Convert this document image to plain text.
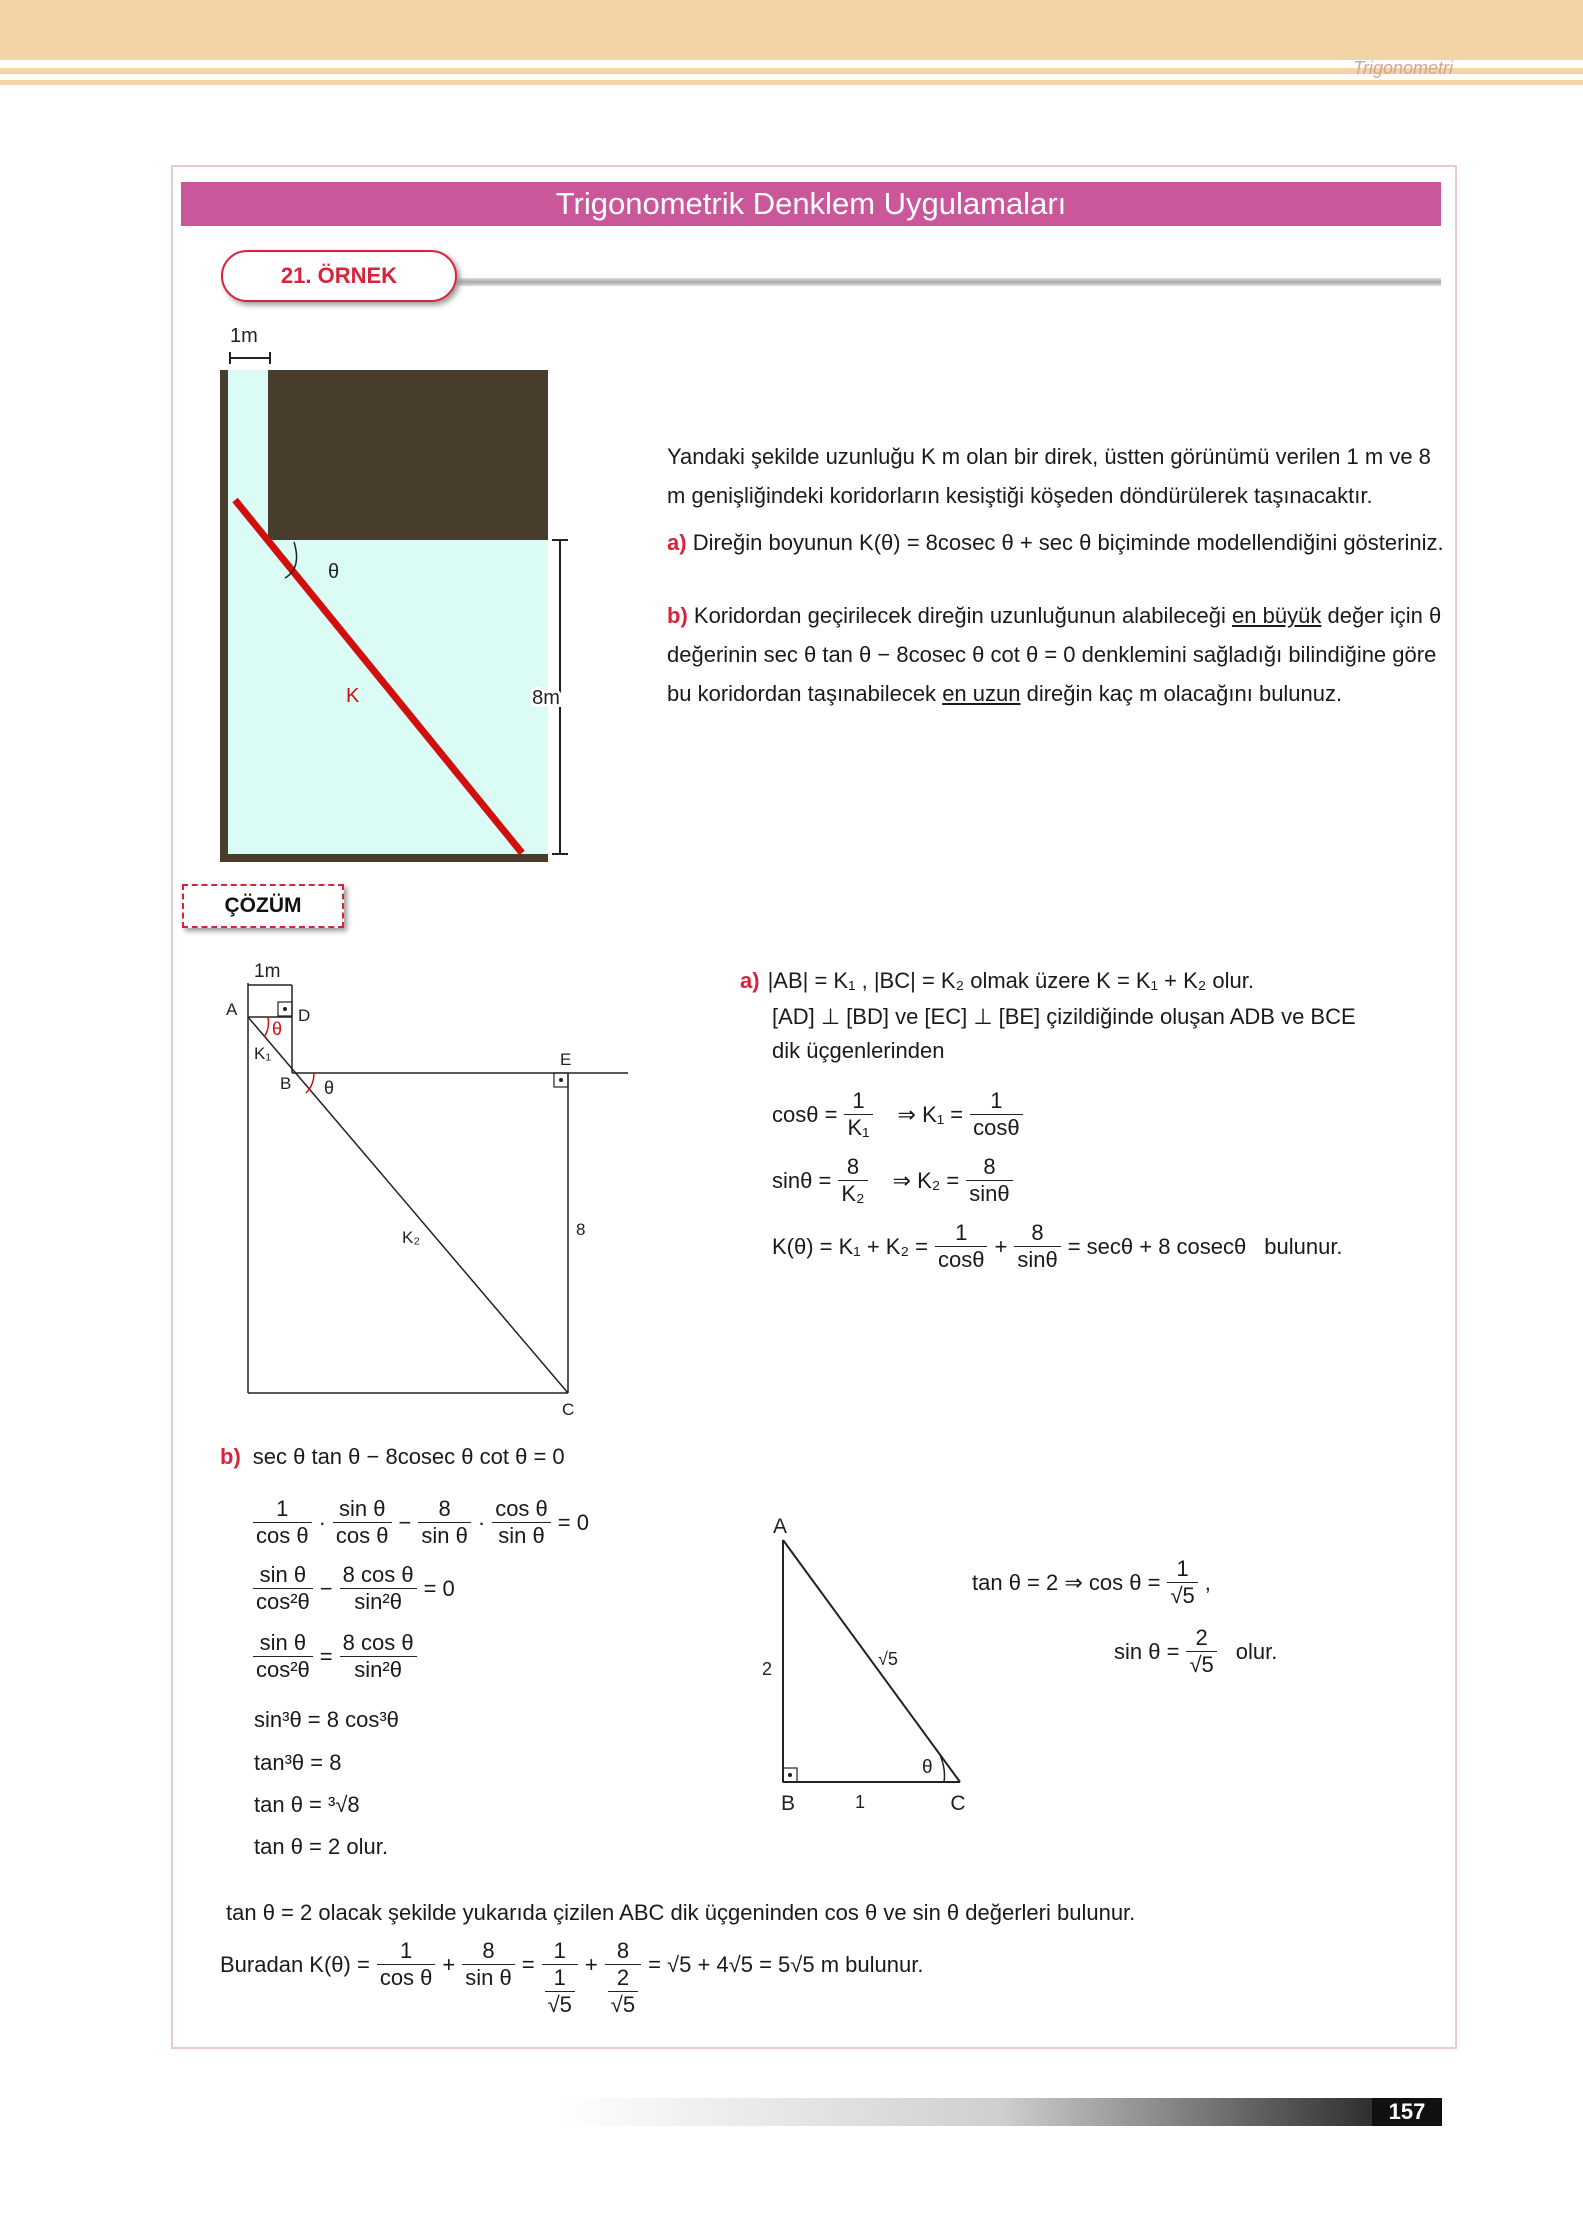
Trigonometri
Trigonometrik Denklem Uygulamaları
21. ÖRNEK
1m
θ
K	8m
Yandaki şekilde uzunluğu K m olan bir direk, üstten görünümü verilen 1 m ve 8 m genişliğindeki koridorların kesiştiği köşeden döndürülerek taşınacaktır.
a) Direğin boyunun K(θ) = 8cosec θ + sec θ biçiminde modellendiğini gösteriniz.
b) Koridordan geçirilecek direğin uzunluğunun alabileceği en büyük değer için θ değerinin sec θ tan θ − 8cosec θ cot θ = 0 denklemini sağladığı bilindiğine göre bu koridordan taşınabilecek en uzun direğin kaç m olacağını bulunuz.
ÇÖZÜM
1m
A	D
θ
K₁
B θ
E
8
K₂
C
a) |AB| = K₁ , |BC| = K₂ olmak üzere K = K₁ + K₂ olur.
[AD] ⊥ [BD] ve [EC] ⊥ [BE] çizildiğinde oluşan ADB ve BCE
dik üçgenlerinden
$\cos\theta = \frac{1}{\text{K₁}}$ ⇒ $K_1 = \frac{1}{\cos\theta}$
$\sin\theta = \frac{8}{\text{K₂}}$ ⇒ $K_2 = \frac{8}{\sin\theta}$
$K(\theta) = K_1 + K_2 = \frac{1}{\cos\theta} + \frac{8}{\sin\theta} = \sec\theta + 8$ cosecθ bulunur.
b) sec θ tan θ − 8cosec θ cot θ = 0
$\frac{1}{\text{cos θ}} \cdot \frac{\text{sin θ}}{\text{cos θ}} - \frac{8}{\text{sin θ}} \cdot \frac{\text{cos θ}}{\text{sin θ}} = 0$
$\frac{\text{sin θ}}{\text{cos²θ}} - \frac{\text{8 cos θ}}{\text{sin²θ}} = 0$
$\frac{\text{sin θ}}{\text{cos²θ}} = \frac{\text{8 cos θ}}{\text{sin²θ}}$
sin³θ = 8 cos³θ
tan³θ = 8
tan θ = ³√8
tan θ = 2 olur.
A
B	C
2
1
√5
θ
tan θ = 2 ⇒ $\cos \theta = \frac{1}{√5}$ ,
$\sin \theta = \frac{2}{√5}$ olur.
tan θ = 2 olacak şekilde yukarıda çizilen ABC dik üçgeninden cos θ ve sin θ değerleri bulunur.
Buradan $K(\theta) = \frac{1}{\text{cos θ}} + \frac{8}{\text{sin θ}} = \frac{1}{\frac{1}{√5}} + \frac{8}{\frac{2}{√5}} = √5 + 4√5 = 5√5$ m bulunur.
157
